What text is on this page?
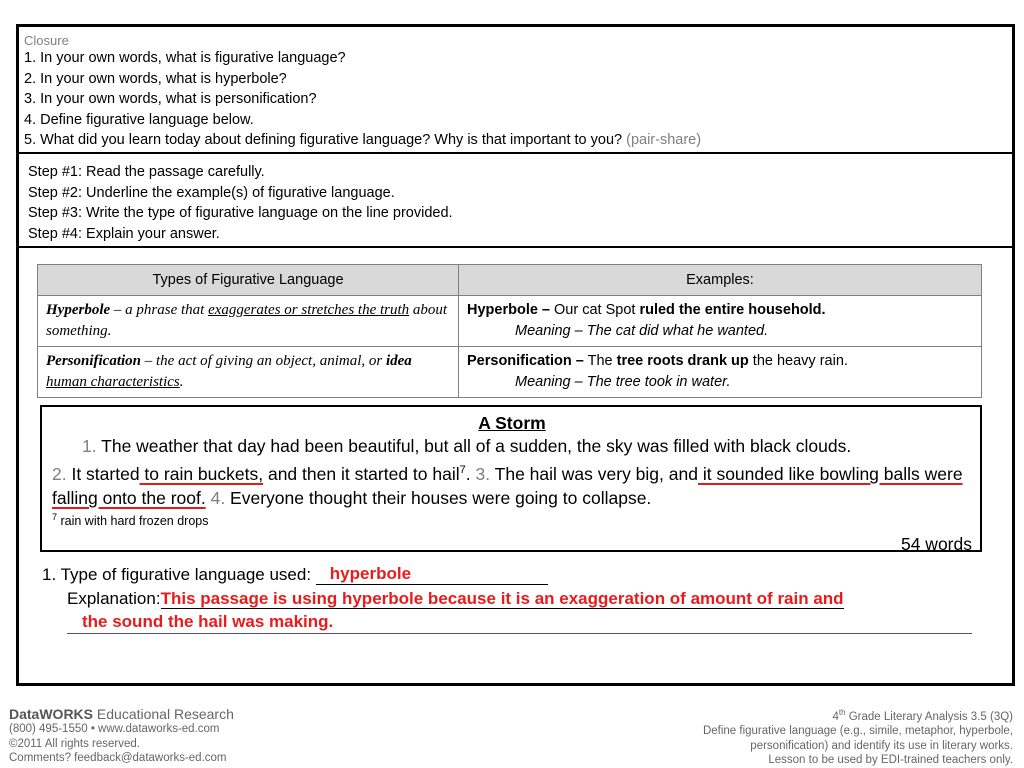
Closure
1. In your own words, what is figurative language?
2. In your own words, what is hyperbole?
3. In your own words, what is personification?
4. Define figurative language below.
5. What did you learn today about defining figurative language? Why is that important to you? (pair-share)
Step #1: Read the passage carefully.
Step #2: Underline the example(s) of figurative language.
Step #3: Write the type of figurative language on the line provided.
Step #4: Explain your answer.
Types of Figurative Language	Examples:
Hyperbole – a phrase that exaggerates or stretches the truth about something.	Hyperbole – Our cat Spot ruled the entire household.
Meaning – The cat did what he wanted.

Personification – the act of giving an object, animal, or idea human characteristics.	Personification – The tree roots drank up the heavy rain.
Meaning – The tree took in water.
A Storm
1. The weather that day had been beautiful, but all of a sudden, the sky was filled with black clouds.
2. It started to rain buckets, and then it started to hail$^7$. 3. The hail was very big, and it sounded like bowling balls were falling onto the roof. 4. Everyone thought their houses were going to collapse.
$^7$ rain with hard frozen drops
54 words
1. Type of figurative language used: hyperbole
Explanation:This passage is using hyperbole because it is an exaggeration of amount of rain and
the sound the hail was making.
DataWORKS Educational Research
(800) 495-1550 • www.dataworks-ed.com
©2011 All rights reserved.
Comments? feedback@dataworks-ed.com
4th Grade Literary Analysis 3.5 (3Q)
Define figurative language (e.g., simile, metaphor, hyperbole,
personification) and identify its use in literary works.
Lesson to be used by EDI-trained teachers only.
